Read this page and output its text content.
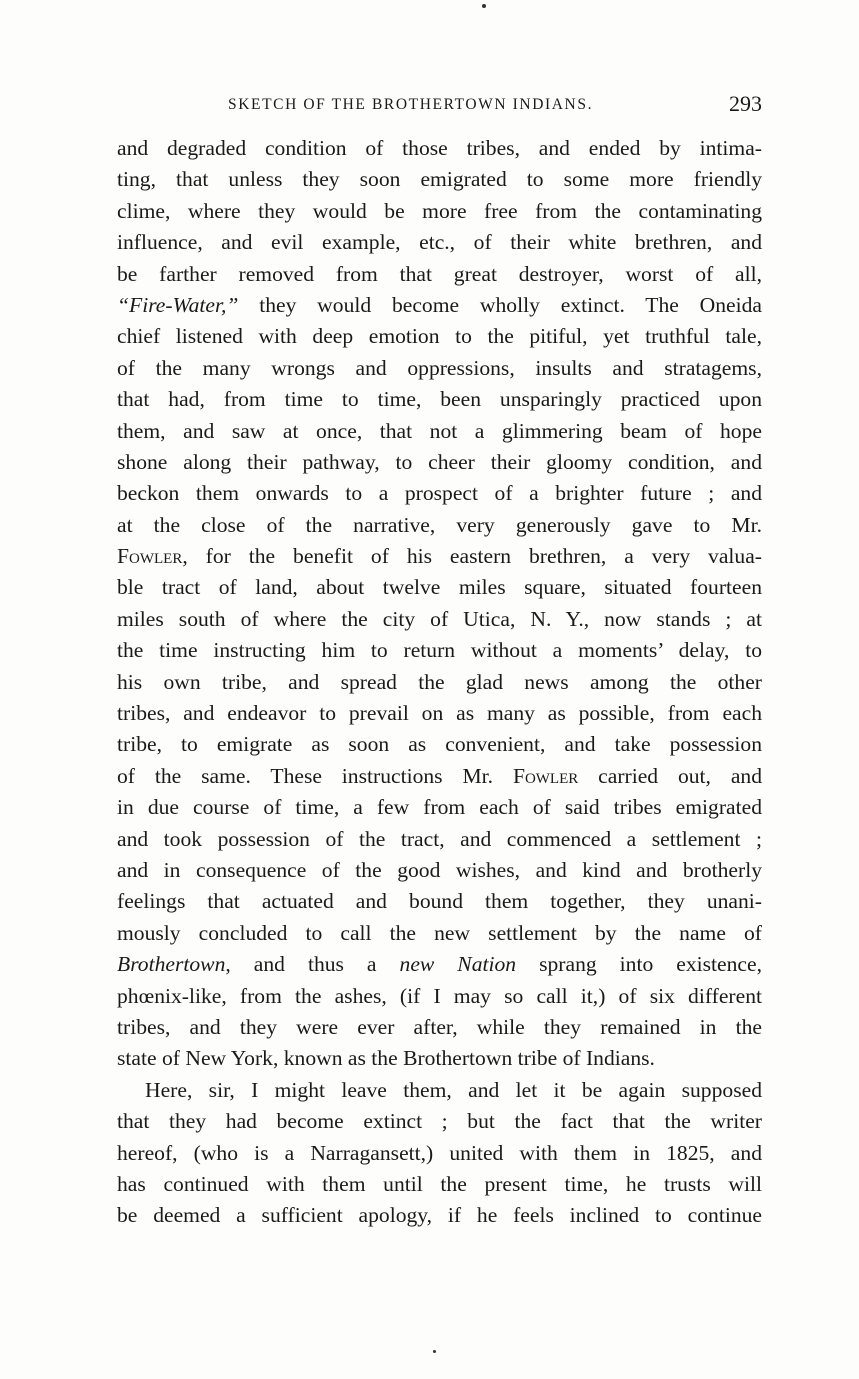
SKETCH OF THE BROTHERTOWN INDIANS.	293
and degraded condition of those tribes, and ended by intima-
ting, that unless they soon emigrated to some more friendly
clime, where they would be more free from the contaminating
influence, and evil example, etc., of their white brethren, and
be farther removed from that great destroyer, worst of all,
“Fire-Water,” they would become wholly extinct. The Oneida
chief listened with deep emotion to the pitiful, yet truthful tale,
of the many wrongs and oppressions, insults and stratagems,
that had, from time to time, been unsparingly practiced upon
them, and saw at once, that not a glimmering beam of hope
shone along their pathway, to cheer their gloomy condition, and
beckon them onwards to a prospect of a brighter future ; and
at the close of the narrative, very generously gave to Mr.
Fowler, for the benefit of his eastern brethren, a very valua-
ble tract of land, about twelve miles square, situated fourteen
miles south of where the city of Utica, N. Y., now stands ; at
the time instructing him to return without a moments’ delay, to
his own tribe, and spread the glad news among the other
tribes, and endeavor to prevail on as many as possible, from each
tribe, to emigrate as soon as convenient, and take possession
of the same. These instructions Mr. Fowler carried out, and
in due course of time, a few from each of said tribes emigrated
and took possession of the tract, and commenced a settlement ;
and in consequence of the good wishes, and kind and brotherly
feelings that actuated and bound them together, they unani-
mously concluded to call the new settlement by the name of
Brothertown, and thus a new Nation sprang into existence,
phœnix-like, from the ashes, (if I may so call it,) of six different
tribes, and they were ever after, while they remained in the
state of New York, known as the Brothertown tribe of Indians.
Here, sir, I might leave them, and let it be again supposed
that they had become extinct ; but the fact that the writer
hereof, (who is a Narragansett,) united with them in 1825, and
has continued with them until the present time, he trusts will
be deemed a sufficient apology, if he feels inclined to continue
